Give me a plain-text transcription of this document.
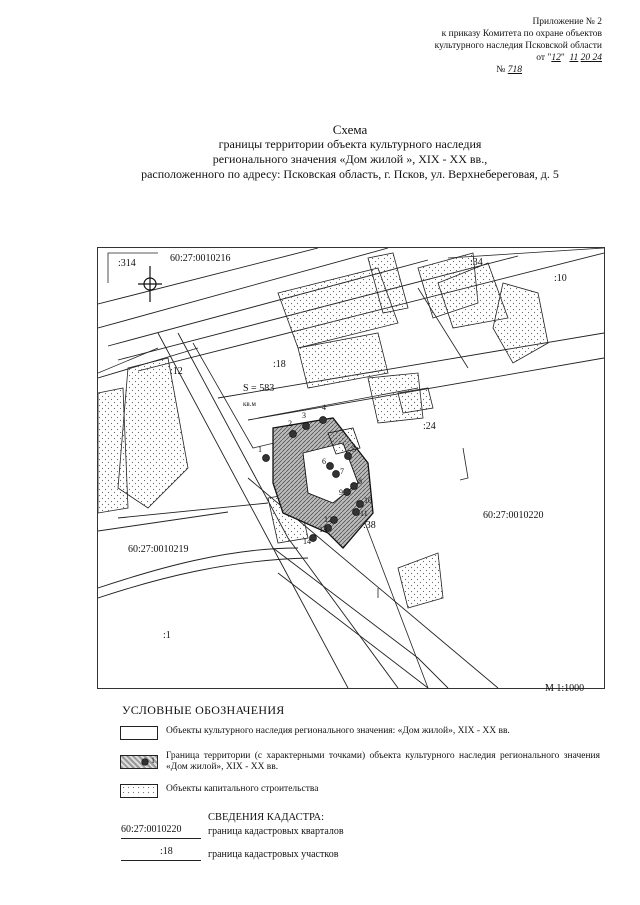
Приложение № 2
к приказу Комитета по охране объектов
культурного наследия Псковской области
от "12"  11 20 24
№ 718
Схема
границы территории объекта культурного наследия
регионального значения «Дом жилой », XIX - XX вв.,
расположенного по адресу: Псковская область, г. Псков, ул. Верхнебереговая, д. 5
:314	60:27:0010216	:34
:10
:12
:18
S = 583
кв.м
:24
60:27:0010220
60:27:0010219
:38
:1
1
2
3
4
5
6
7
8
9
10
11
12
13
14
М 1:1000
УСЛОВНЫЕ ОБОЗНАЧЕНИЯ
Объекты культурного наследия регионального значения: «Дом жилой», XIX - XX вв.
1 Граница территории (с характерными точками) объекта культурного наследия регионального значения «Дом жилой», XIX - XX вв.
Объекты капитального строительства
СВЕДЕНИЯ КАДАСТРА:
60:27:0010220	граница кадастровых кварталов
:18	граница кадастровых участков
